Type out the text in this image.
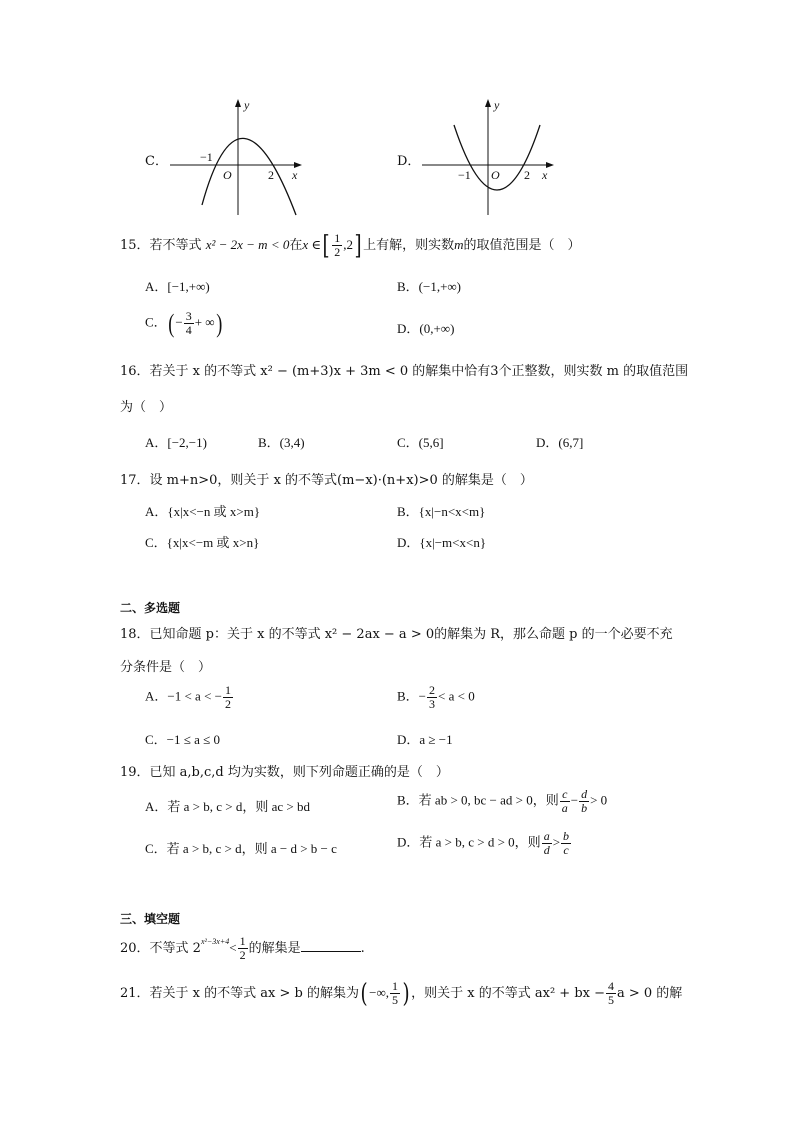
C．
y
x
O
−1
2
D．
y
x
O
−1	2
15．若不等式 x² − 2x − m < 0在x ∈[ $\frac{1}{2} ,2$] 上有解，则实数m的取值范围是（　）
A．[−1,+∞)	B．(−1,+∞)
C．(− $\frac{3}{4}$ + ∞)	D．(0,+∞)
16．若关于 x 的不等式 x² − (m+3)x + 3m < 0 的解集中恰有3个正整数，则实数 m 的取值范围
为（　）
A．[−2,−1)	B．(3,4)	C．(5,6]	D．(6,7]
17．设 m+n>0，则关于 x 的不等式(m−x)·(n+x)>0 的解集是（　）
A．{x|x<−n 或 x>m}	B．{x|−n<x<m}
C．{x|x<−m 或 x>n}	D．{x|−m<x<n}
二、多选题
18．已知命题 p：关于 x 的不等式 x² − 2ax − a > 0的解集为 R，那么命题 p 的一个必要不充
分条件是（　）
A．−1 < a < − $\frac{1}{2}$	B．− $\frac{2}{3} < a < 0$
C．−1 ≤ a ≤ 0	D．a ≥ −1
19．已知 a,b,c,d 均为实数，则下列命题正确的是（　）
A．若 a > b, c > d，则 ac > bd	B．若 ab > 0, bc − ad > 0，则 $\frac{c}{a} - \frac{d}{b} > 0$
C．若 a > b, c > d，则 a − d > b − c	D．若 a > b, c > d > 0，则 $\frac{a}{d} > \frac{b}{c}$
三、填空题
20．不等式 $2^{x^2-3x+4}< \frac{1}{2}$ 的解集是	.
21．若关于 x 的不等式 ax > b 的解集为( −∞, $\frac{1}{5}$ ) ，则关于 x 的不等式 ax² + bx − $\frac{4}{5}$ a > 0 的解
